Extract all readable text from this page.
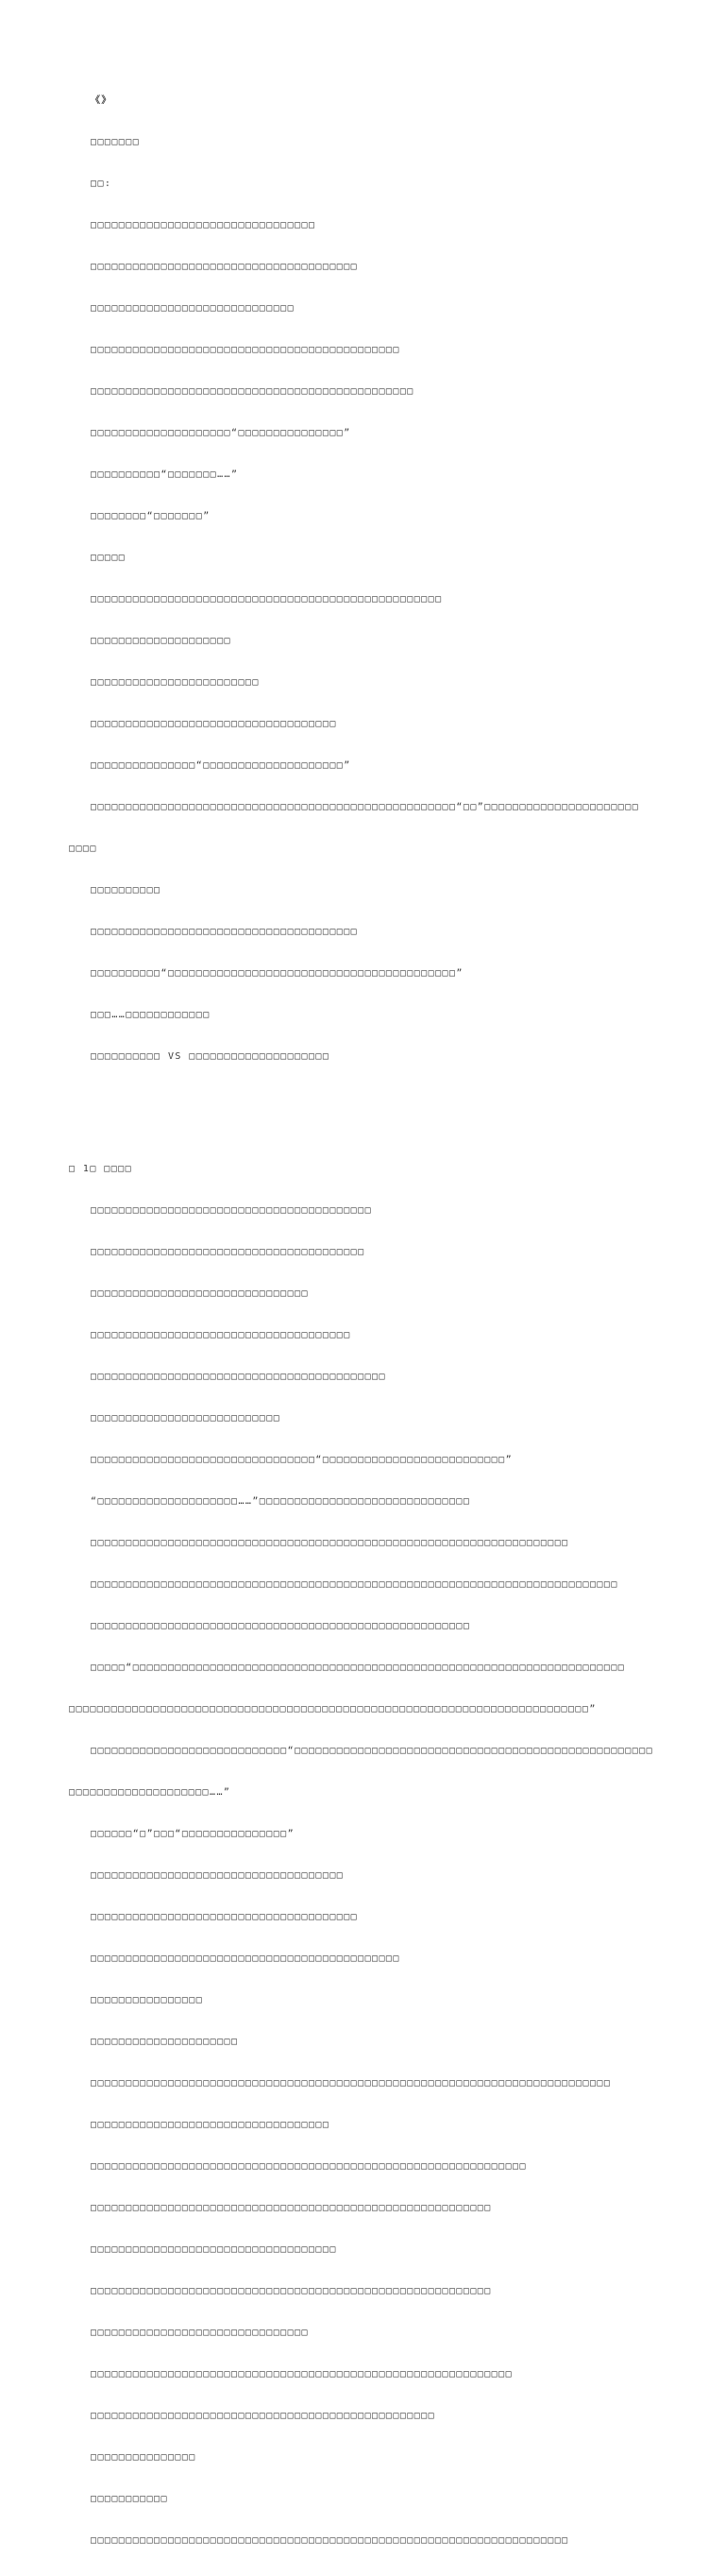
《》

□□□□□□□

□□:

□□□□□□□□□□□□□□□□□□□□□□□□□□□□□□□□

□□□□□□□□□□□□□□□□□□□□□□□□□□□□□□□□□□□□□□

□□□□□□□□□□□□□□□□□□□□□□□□□□□□□

□□□□□□□□□□□□□□□□□□□□□□□□□□□□□□□□□□□□□□□□□□□□

□□□□□□□□□□□□□□□□□□□□□□□□□□□□□□□□□□□□□□□□□□□□□□

□□□□□□□□□□□□□□□□□□□□“□□□□□□□□□□□□□□□”

□□□□□□□□□□“□□□□□□□……”

□□□□□□□□“□□□□□□□”

□□□□□

□□□□□□□□□□□□□□□□□□□□□□□□□□□□□□□□□□□□□□□□□□□□□□□□□□

□□□□□□□□□□□□□□□□□□□□

□□□□□□□□□□□□□□□□□□□□□□□□

□□□□□□□□□□□□□□□□□□□□□□□□□□□□□□□□□□□

□□□□□□□□□□□□□□□“□□□□□□□□□□□□□□□□□□□□”

□□□□□□□□□□□□□□□□□□□□□□□□□□□□□□□□□□□□□□□□□□□□□□□□□□□□“□□”□□□□□□□□□□□□□□□□□□□□□□

□□□□

□□□□□□□□□□

□□□□□□□□□□□□□□□□□□□□□□□□□□□□□□□□□□□□□□

□□□□□□□□□□“□□□□□□□□□□□□□□□□□□□□□□□□□□□□□□□□□□□□□□□□□”

□□□……□□□□□□□□□□□□

□□□□□□□□□□ VS □□□□□□□□□□□□□□□□□□□□

□ 1□ □□□□

□□□□□□□□□□□□□□□□□□□□□□□□□□□□□□□□□□□□□□□□

□□□□□□□□□□□□□□□□□□□□□□□□□□□□□□□□□□□□□□□

□□□□□□□□□□□□□□□□□□□□□□□□□□□□□□□

□□□□□□□□□□□□□□□□□□□□□□□□□□□□□□□□□□□□□

□□□□□□□□□□□□□□□□□□□□□□□□□□□□□□□□□□□□□□□□□□

□□□□□□□□□□□□□□□□□□□□□□□□□□□

□□□□□□□□□□□□□□□□□□□□□□□□□□□□□□□□“□□□□□□□□□□□□□□□□□□□□□□□□□□”

“□□□□□□□□□□□□□□□□□□□□……”□□□□□□□□□□□□□□□□□□□□□□□□□□□□□□

□□□□□□□□□□□□□□□□□□□□□□□□□□□□□□□□□□□□□□□□□□□□□□□□□□□□□□□□□□□□□□□□□□□□

□□□□□□□□□□□□□□□□□□□□□□□□□□□□□□□□□□□□□□□□□□□□□□□□□□□□□□□□□□□□□□□□□□□□□□□□□□□

□□□□□□□□□□□□□□□□□□□□□□□□□□□□□□□□□□□□□□□□□□□□□□□□□□□□□□

□□□□□“□□□□□□□□□□□□□□□□□□□□□□□□□□□□□□□□□□□□□□□□□□□□□□□□□□□□□□□□□□□□□□□□□□□□□□

□□□□□□□□□□□□□□□□□□□□□□□□□□□□□□□□□□□□□□□□□□□□□□□□□□□□□□□□□□□□□□□□□□□□□□□□□□”

□□□□□□□□□□□□□□□□□□□□□□□□□□□□“□□□□□□□□□□□□□□□□□□□□□□□□□□□□□□□□□□□□□□□□□□□□□□□□□□□

□□□□□□□□□□□□□□□□□□□□……”

□□□□□□“□”□□□“□□□□□□□□□□□□□□□”

□□□□□□□□□□□□□□□□□□□□□□□□□□□□□□□□□□□□

□□□□□□□□□□□□□□□□□□□□□□□□□□□□□□□□□□□□□□

□□□□□□□□□□□□□□□□□□□□□□□□□□□□□□□□□□□□□□□□□□□□

□□□□□□□□□□□□□□□□

□□□□□□□□□□□□□□□□□□□□□

□□□□□□□□□□□□□□□□□□□□□□□□□□□□□□□□□□□□□□□□□□□□□□□□□□□□□□□□□□□□□□□□□□□□□□□□□□

□□□□□□□□□□□□□□□□□□□□□□□□□□□□□□□□□□

□□□□□□□□□□□□□□□□□□□□□□□□□□□□□□□□□□□□□□□□□□□□□□□□□□□□□□□□□□□□□□

□□□□□□□□□□□□□□□□□□□□□□□□□□□□□□□□□□□□□□□□□□□□□□□□□□□□□□□□□

□□□□□□□□□□□□□□□□□□□□□□□□□□□□□□□□□□□

□□□□□□□□□□□□□□□□□□□□□□□□□□□□□□□□□□□□□□□□□□□□□□□□□□□□□□□□□

□□□□□□□□□□□□□□□□□□□□□□□□□□□□□□□

□□□□□□□□□□□□□□□□□□□□□□□□□□□□□□□□□□□□□□□□□□□□□□□□□□□□□□□□□□□□

□□□□□□□□□□□□□□□□□□□□□□□□□□□□□□□□□□□□□□□□□□□□□□□□□

□□□□□□□□□□□□□□□

□□□□□□□□□□□

□□□□□□□□□□□□□□□□□□□□□□□□□□□□□□□□□□□□□□□□□□□□□□□□□□□□□□□□□□□□□□□□□□□□
